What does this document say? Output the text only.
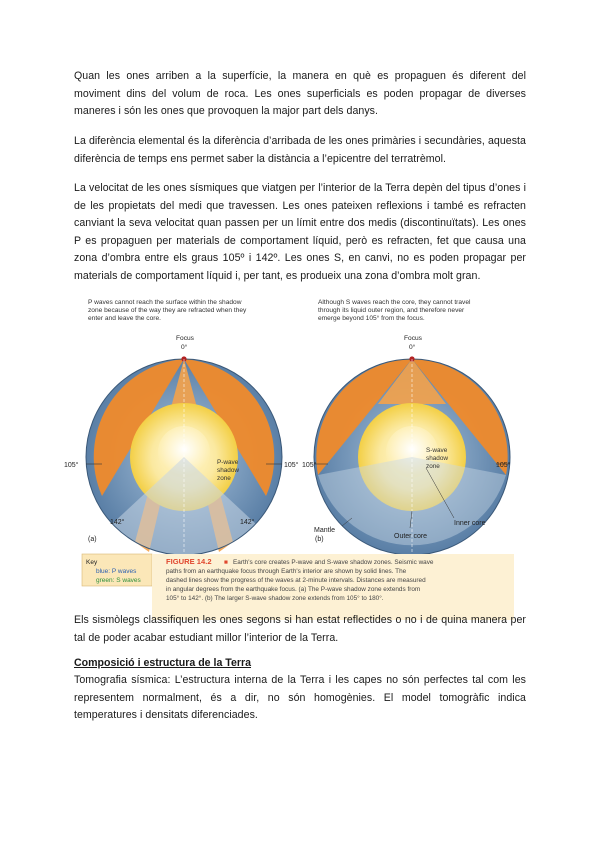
Quan les ones arriben a la superfície, la manera en què es propaguen és diferent del moviment dins del volum de roca. Les ones superficials es poden propagar de diverses maneres i són les ones que provoquen la major part dels danys.

La diferència elemental és la diferència d’arribada de les ones primàries i secundàries, aquesta diferència de temps ens permet saber la distància a l’epicentre del terratrèmol.

La velocitat de les ones sísmiques que viatgen per l’interior de la Terra depèn del tipus d’ones i de les propietats del medi que travessen. Les ones pateixen reflexions i també es refracten canviant la seva velocitat quan passen per un límit entre dos medis (discontinuïtats). Les ones P es propaguen per materials de comportament líquid, però es refracten, fet que causa una zona d’ombra entre els graus 105º i 142º. Les ones S, en canvi, no es poden propagar per materials de comportament líquid i, per tant, es produeix una zona d’ombra molt gran.

P waves cannot reach the surface within the shadow
zone because of the way they are refracted when they
enter and leave the core.
Focus
0°
105°	105°
142°	142°
P-wave
shadow
zone
(a)
Although S waves reach the core, they cannot travel
through its liquid outer region, and therefore never
emerge beyond 105° from the focus.
Focus
0°
105°	105°
S-wave
shadow
zone
Mantle
Outer core
Inner core
(b)
Key
blue: P waves
green: S waves
FIGURE 14.2 ■ Earth's core creates P-wave and S-wave shadow zones. Seismic wave
paths from an earthquake focus through Earth's interior are shown by solid lines. The
dashed lines show the progress of the waves at 2-minute intervals. Distances are measured
in angular degrees from the earthquake focus. (a) The P-wave shadow zone extends from
105° to 142°. (b) The larger S-wave shadow zone extends from 105° to 180°.

Els sismòlegs classifiquen les ones segons si han estat reflectides o no i de quina manera per tal de poder acabar estudiant millor l’interior de la Terra.

Composició i estructura de la Terra

Tomografia sísmica: L’estructura interna de la Terra i les capes no són perfectes tal com les representem normalment, és a dir, no són homogènies. El model tomogràfic indica temperatures i densitats diferenciades.
